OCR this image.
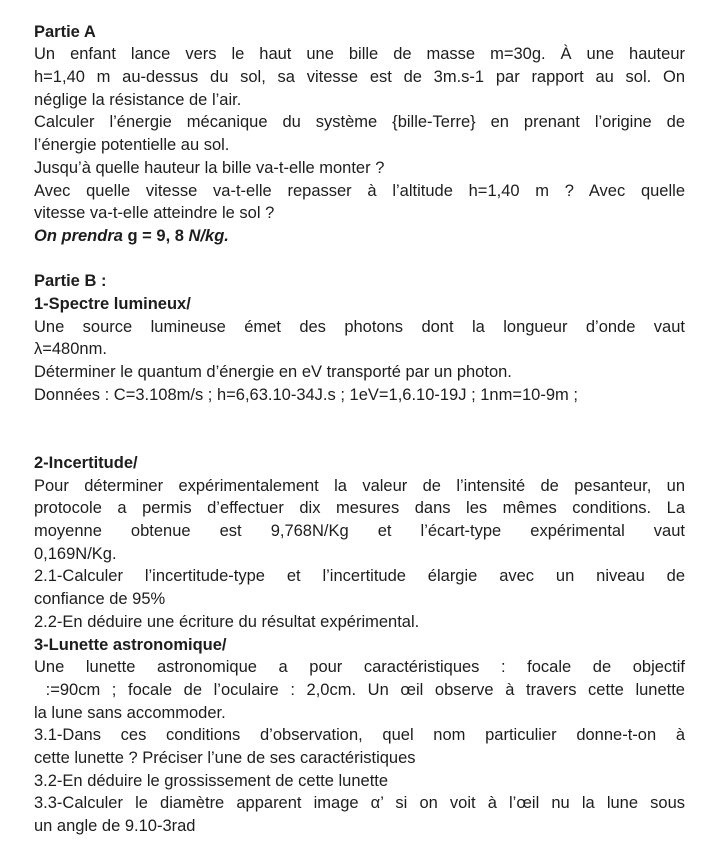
Partie A
Un enfant lance vers le haut une bille de masse m=30g. À une hauteur
h=1,40 m au-dessus du sol, sa vitesse est de 3m.s-1 par rapport au sol. On
néglige la résistance de l’air.
Calculer l’énergie mécanique du système {bille-Terre} en prenant l’origine de
l’énergie potentielle au sol.
Jusqu’à quelle hauteur la bille va-t-elle monter ?
Avec quelle vitesse va-t-elle repasser à l’altitude h=1,40 m ? Avec quelle
vitesse va-t-elle atteindre le sol ?
On prendra g = 9, 8 N/kg.
Partie B :
1-Spectre lumineux/
Une source lumineuse émet des photons dont la longueur d’onde vaut
λ=480nm.
Déterminer le quantum d’énergie en eV transporté par un photon.
Données : C=3.108m/s ; h=6,63.10-34J.s ; 1eV=1,6.10-19J ; 1nm=10-9m ;
2-Incertitude/
Pour déterminer expérimentalement la valeur de l’intensité de pesanteur, un
protocole a permis d’effectuer dix mesures dans les mêmes conditions. La
moyenne obtenue est 9,768N/Kg et l’écart-type expérimental vaut
0,169N/Kg.
2.1-Calculer l’incertitude-type et l’incertitude élargie avec un niveau de
confiance de 95%
2.2-En déduire une écriture du résultat expérimental.
3-Lunette astronomique/
Une lunette astronomique a pour caractéristiques : focale de objectif
:=90cm ; focale de l’oculaire : 2,0cm. Un œil observe à travers cette lunette
la lune sans accommoder.
3.1-Dans ces conditions d’observation, quel nom particulier donne-t-on à
cette lunette ? Préciser l’une de ses caractéristiques
3.2-En déduire le grossissement de cette lunette
3.3-Calculer le diamètre apparent image α’ si on voit à l’œil nu la lune sous
un angle de 9.10-3rad
